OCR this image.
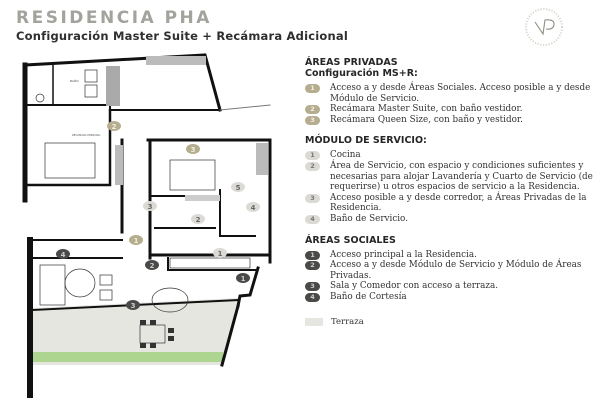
RESIDENCIA PHA
Configuración Master Suite + Recámara Adicional
2
3
1
3
2
4
5
1
1
2
3
4
BAÑO
RECÁMARA PRINCIPAL
ÁREAS PRIVADAS
Configuración MS+R:
1	Acceso a y desde Áreas Sociales. Acceso posible a y desde Módulo de Servicio.
2	Recámara Master Suite, con baño vestidor.
3	Recámara Queen Size, con baño y vestidor.
MÓDULO DE SERVICIO:
1	Cocina
2	Área de Servicio, con espacio y condiciones suficientes y necesarias para alojar Lavandería y Cuarto de Servicio (de requerirse) u otros espacios de servicio a la Residencia.
3	Acceso posible a y desde corredor, a Áreas Privadas de la Residencia.
4	Baño de Servicio.
ÁREAS SOCIALES
1	Acceso principal a la Residencia.
2	Acceso a y desde Módulo de Servicio y Módulo de Áreas Privadas.
3	Sala y Comedor con acceso a terraza.
4	Baño de Cortesía
Terraza
